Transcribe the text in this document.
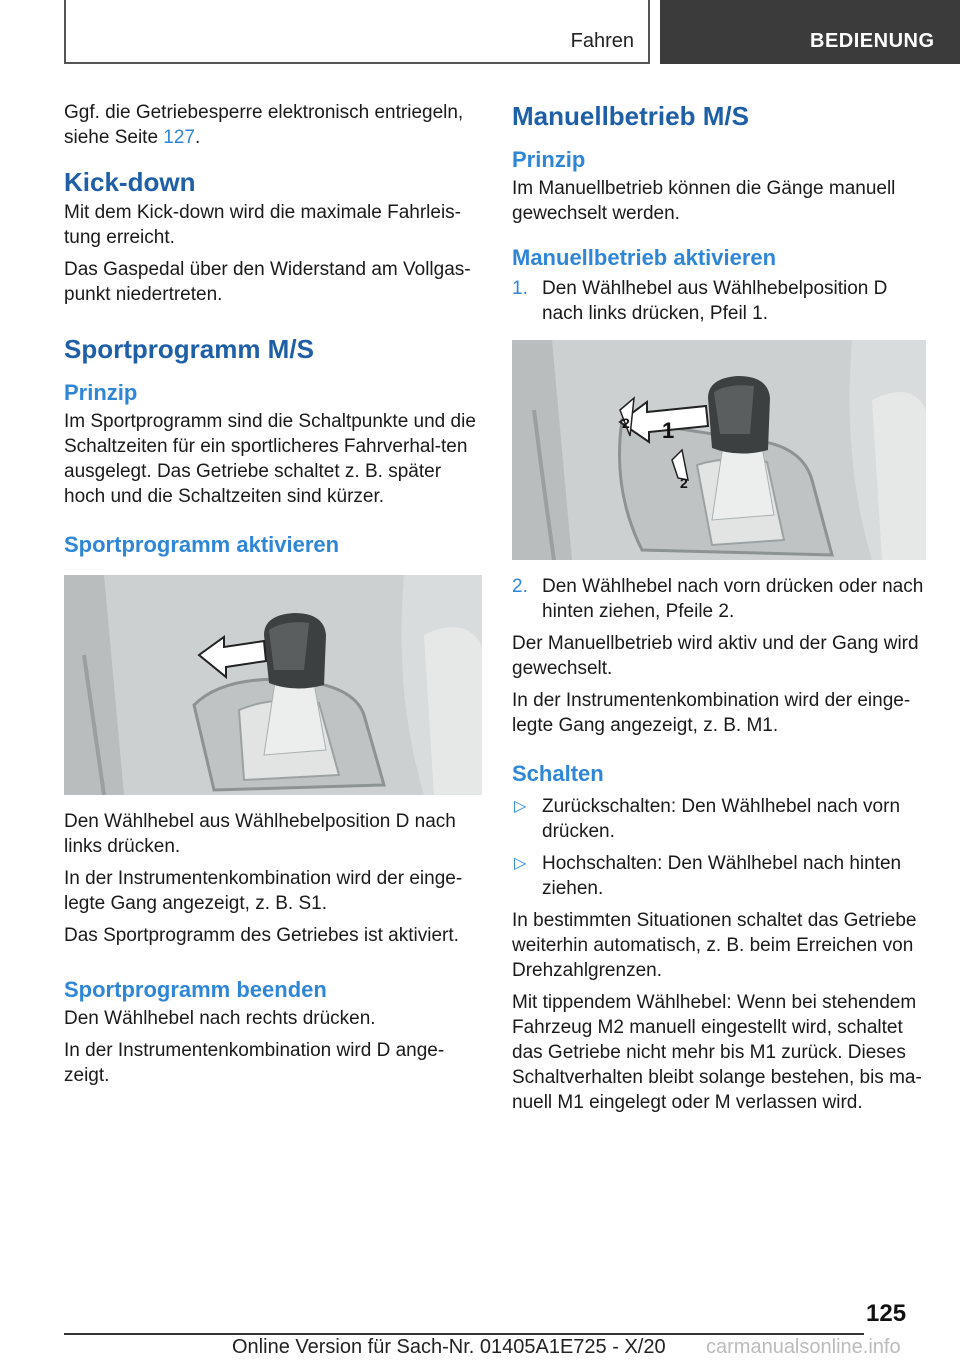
Fahren	BEDIENUNG

Ggf. die Getriebesperre elektronisch entriegeln, siehe Seite 127.

Kick-down

Mit dem Kick-down wird die maximale Fahrleis-tung erreicht.

Das Gaspedal über den Widerstand am Vollgas-punkt niedertreten.

Sportprogramm M/S
Prinzip

Im Sportprogramm sind die Schaltpunkte und die Schaltzeiten für ein sportlicheres Fahrverhal-ten ausgelegt. Das Getriebe schaltet z. B. später hoch und die Schaltzeiten sind kürzer.

Sportprogramm aktivieren

Den Wählhebel aus Wählhebelposition D nach links drücken.

In der Instrumentenkombination wird der einge-legte Gang angezeigt, z. B. S1.

Das Sportprogramm des Getriebes ist aktiviert.

Sportprogramm beenden

Den Wählhebel nach rechts drücken.

In der Instrumentenkombination wird D ange-zeigt.

Manuellbetrieb M/S
Prinzip

Im Manuellbetrieb können die Gänge manuell gewechselt werden.

Manuellbetrieb aktivieren
1. Den Wählhebel aus Wählhebelposition D nach links drücken, Pfeil 1.
1
2
2
2. Den Wählhebel nach vorn drücken oder nach hinten ziehen, Pfeile 2.

Der Manuellbetrieb wird aktiv und der Gang wird gewechselt.

In der Instrumentenkombination wird der einge-legte Gang angezeigt, z. B. M1.

Schalten
▷ Zurückschalten: Den Wählhebel nach vorn drücken.
▷ Hochschalten: Den Wählhebel nach hinten ziehen.

In bestimmten Situationen schaltet das Getriebe weiterhin automatisch, z. B. beim Erreichen von Drehzahlgrenzen.

Mit tippendem Wählhebel: Wenn bei stehendem Fahrzeug M2 manuell eingestellt wird, schaltet das Getriebe nicht mehr bis M1 zurück. Dieses Schaltverhalten bleibt solange bestehen, bis ma-nuell M1 eingelegt oder M verlassen wird.

125
Online Version für Sach-Nr. 01405A1E725 - X/20 carmanualsonline.info
